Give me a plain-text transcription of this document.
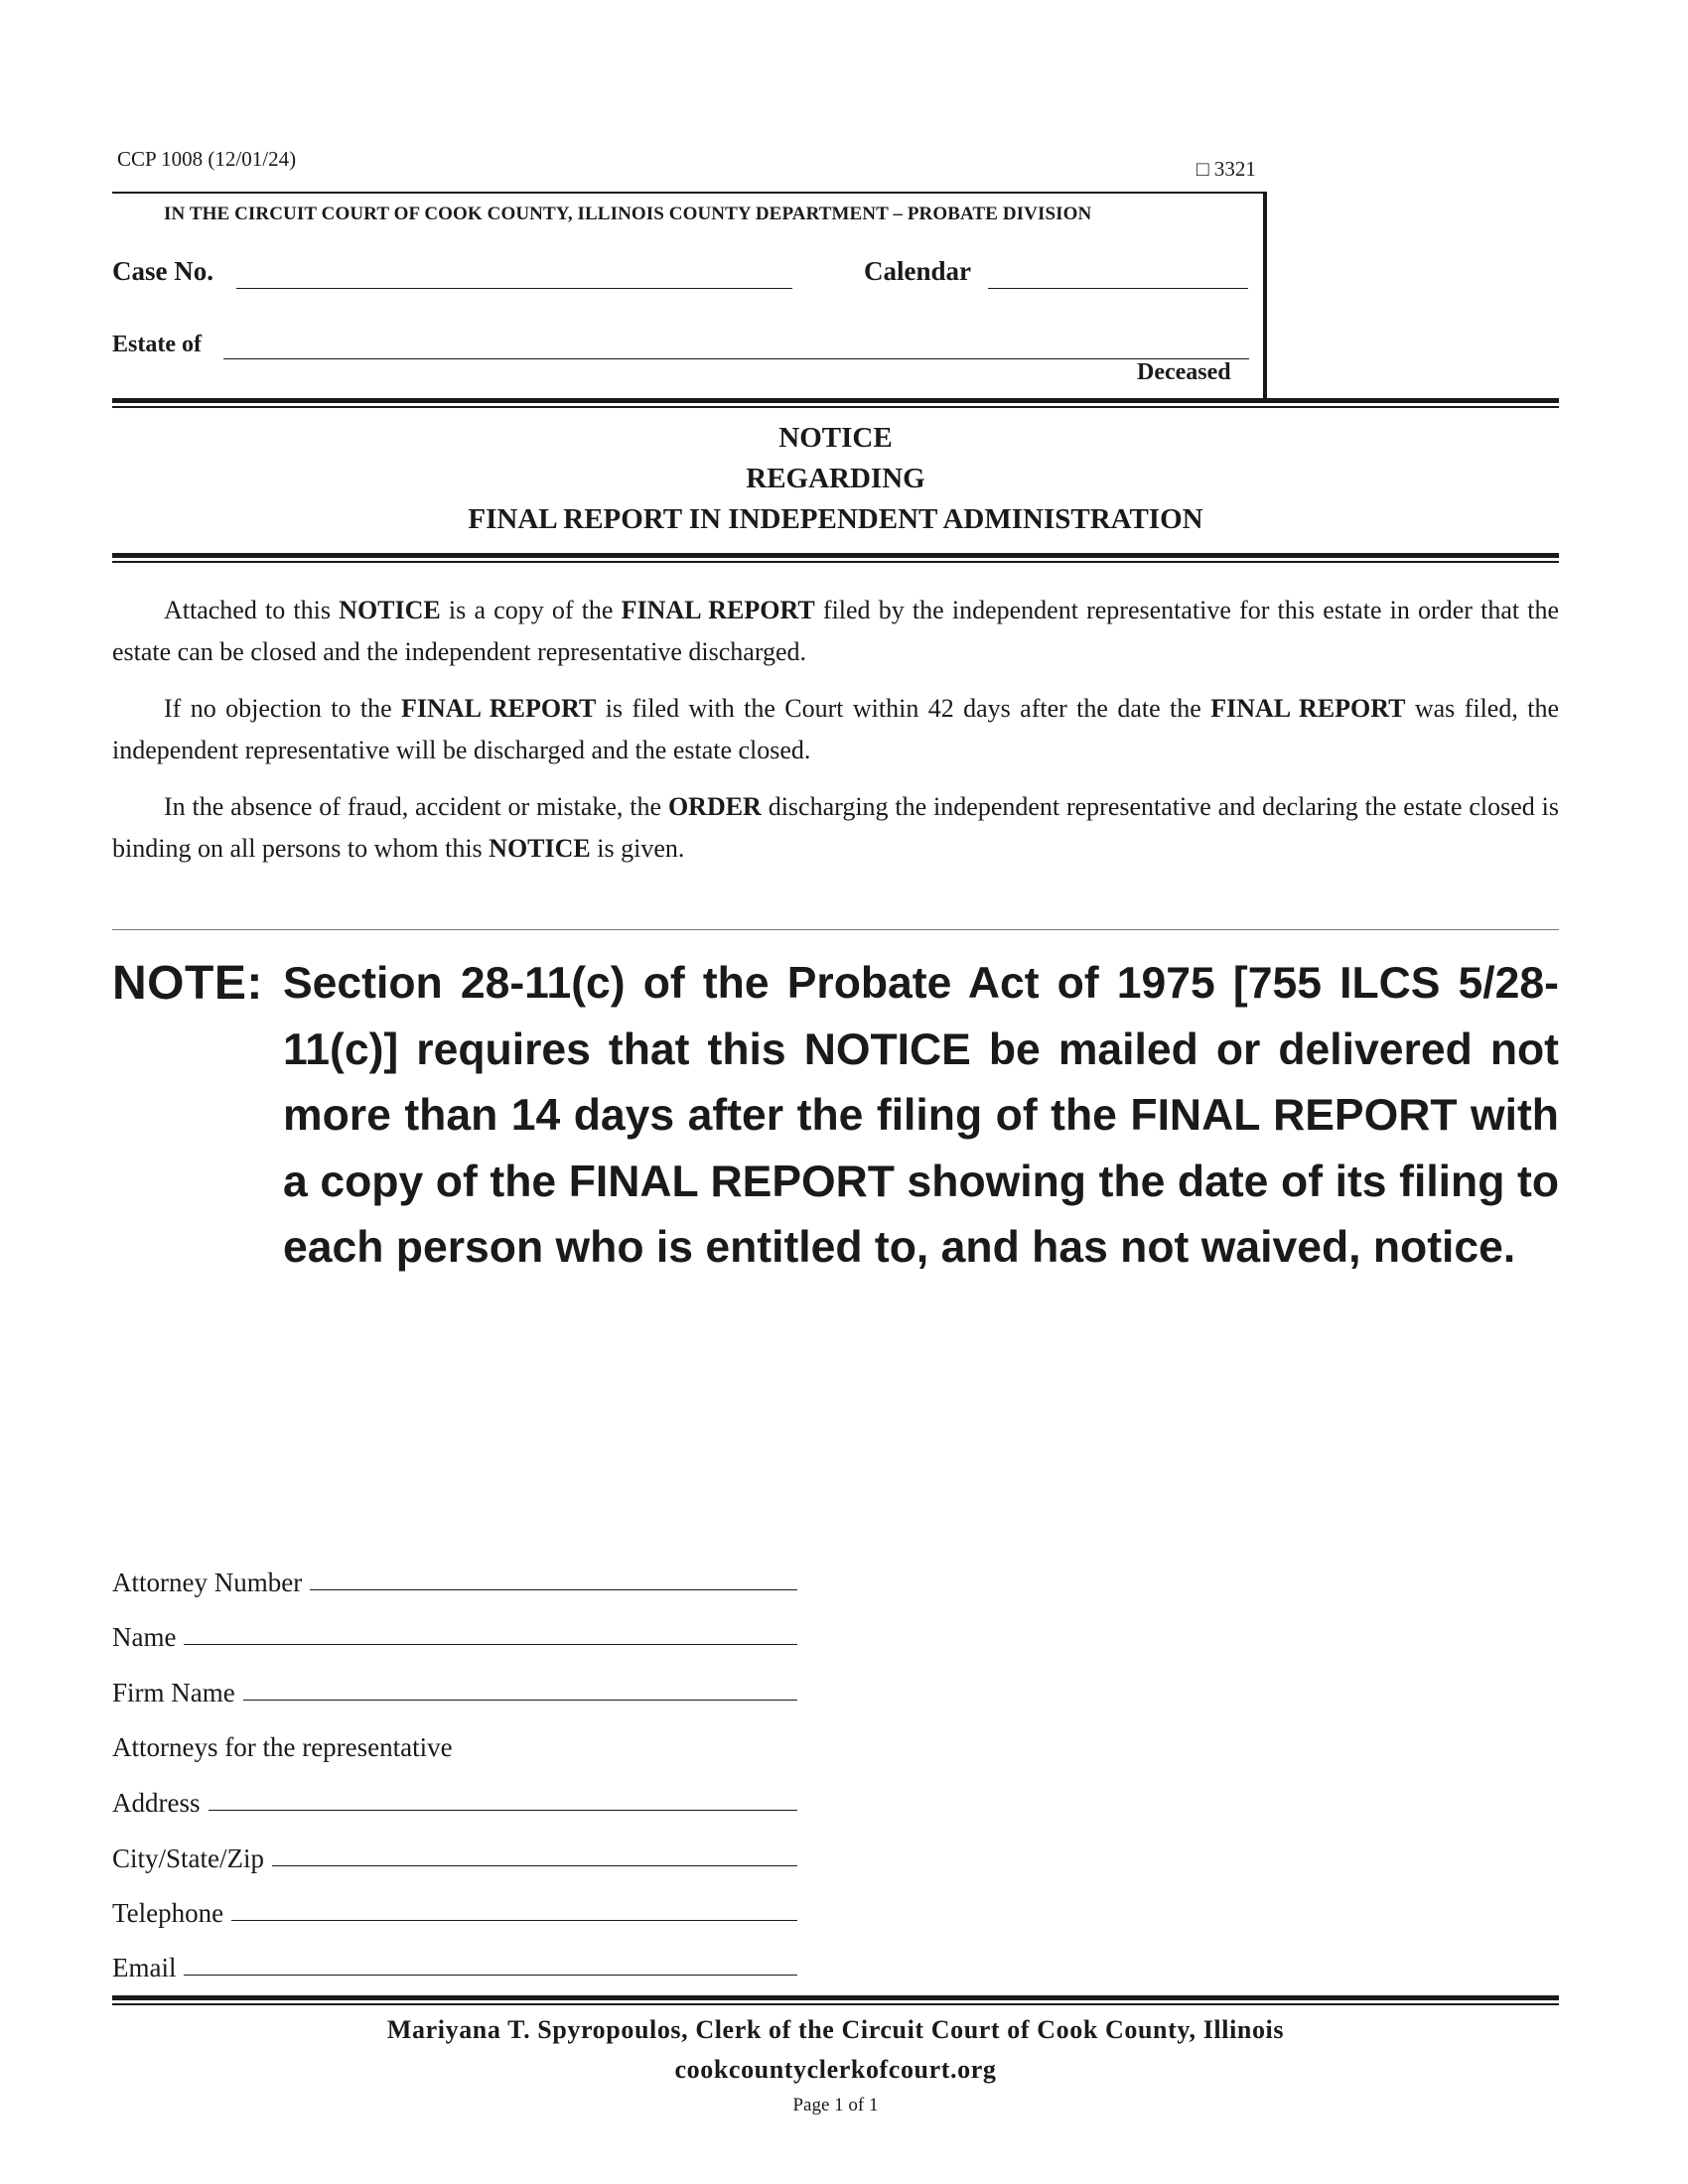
CCP 1008 (12/01/24)	□ 3321
IN THE CIRCUIT COURT OF COOK COUNTY, ILLINOIS COUNTY DEPARTMENT – PROBATE DIVISION
Case No.	Calendar
Estate of
Deceased
NOTICE
REGARDING
FINAL REPORT IN INDEPENDENT ADMINISTRATION
Attached to this NOTICE is a copy of the FINAL REPORT filed by the independent representative for this estate in order that the estate can be closed and the independent representative discharged.
If no objection to the FINAL REPORT is filed with the Court within 42 days after the date the FINAL REPORT was filed, the independent representative will be discharged and the estate closed.
In the absence of fraud, accident or mistake, the ORDER discharging the independent representative and declaring the estate closed is binding on all persons to whom this NOTICE is given.
NOTE: Section 28-11(c) of the Probate Act of 1975 [755 ILCS 5/28-11(c)] requires that this NOTICE be mailed or delivered not more than 14 days after the filing of the FINAL REPORT with a copy of the FINAL REPORT showing the date of its filing to each person who is entitled to, and has not waived, notice.
Attorney Number
Name
Firm Name
Attorneys for the representative
Address
City/State/Zip
Telephone
Email
Mariyana T. Spyropoulos, Clerk of the Circuit Court of Cook County, Illinois
cookcountyclerkofcourt.org
Page 1 of 1
